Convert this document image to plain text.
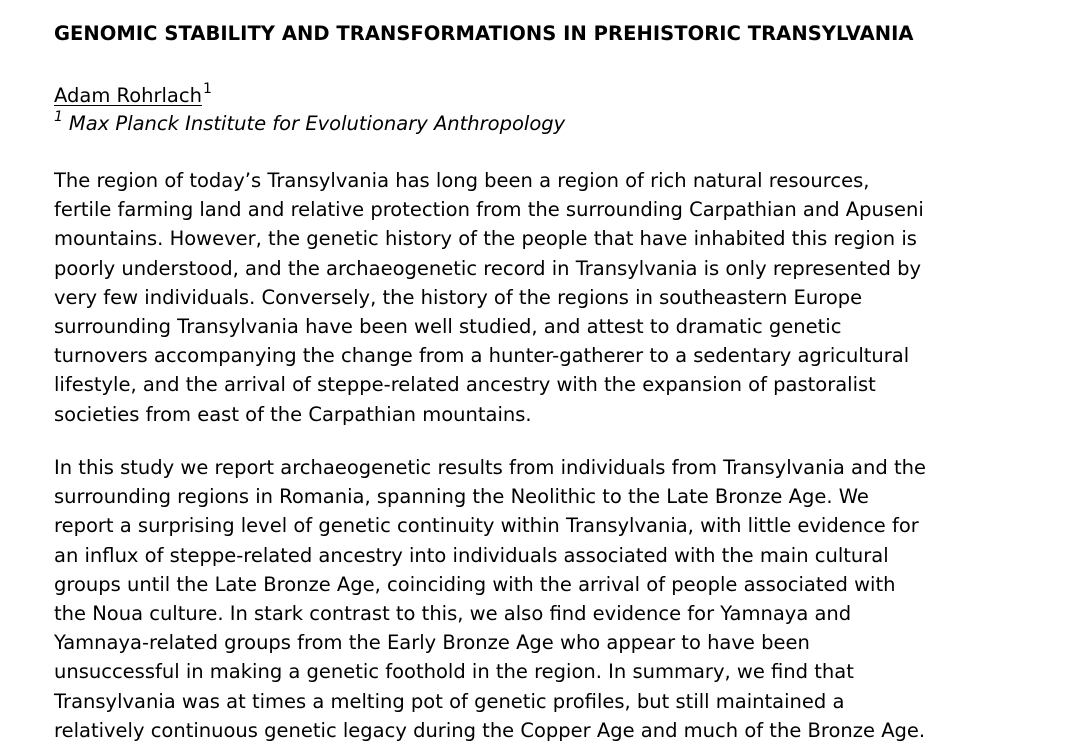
GENOMIC STABILITY AND TRANSFORMATIONS IN PREHISTORIC TRANSYLVANIA
Adam Rohrlach$^1$
$^1$ Max Planck Institute for Evolutionary Anthropology

The region of today’s Transylvania has long been a region of rich natural resources,
fertile farming land and relative protection from the surrounding Carpathian and Apuseni
mountains. However, the genetic history of the people that have inhabited this region is
poorly understood, and the archaeogenetic record in Transylvania is only represented by
very few individuals. Conversely, the history of the regions in southeastern Europe
surrounding Transylvania have been well studied, and attest to dramatic genetic
turnovers accompanying the change from a hunter-gatherer to a sedentary agricultural
lifestyle, and the arrival of steppe-related ancestry with the expansion of pastoralist
societies from east of the Carpathian mountains.

In this study we report archaeogenetic results from individuals from Transylvania and the
surrounding regions in Romania, spanning the Neolithic to the Late Bronze Age. We
report a surprising level of genetic continuity within Transylvania, with little evidence for
an influx of steppe-related ancestry into individuals associated with the main cultural
groups until the Late Bronze Age, coinciding with the arrival of people associated with
the Noua culture. In stark contrast to this, we also find evidence for Yamnaya and
Yamnaya-related groups from the Early Bronze Age who appear to have been
unsuccessful in making a genetic foothold in the region. In summary, we find that
Transylvania was at times a melting pot of genetic profiles, but still maintained a
relatively continuous genetic legacy during the Copper Age and much of the Bronze Age.
